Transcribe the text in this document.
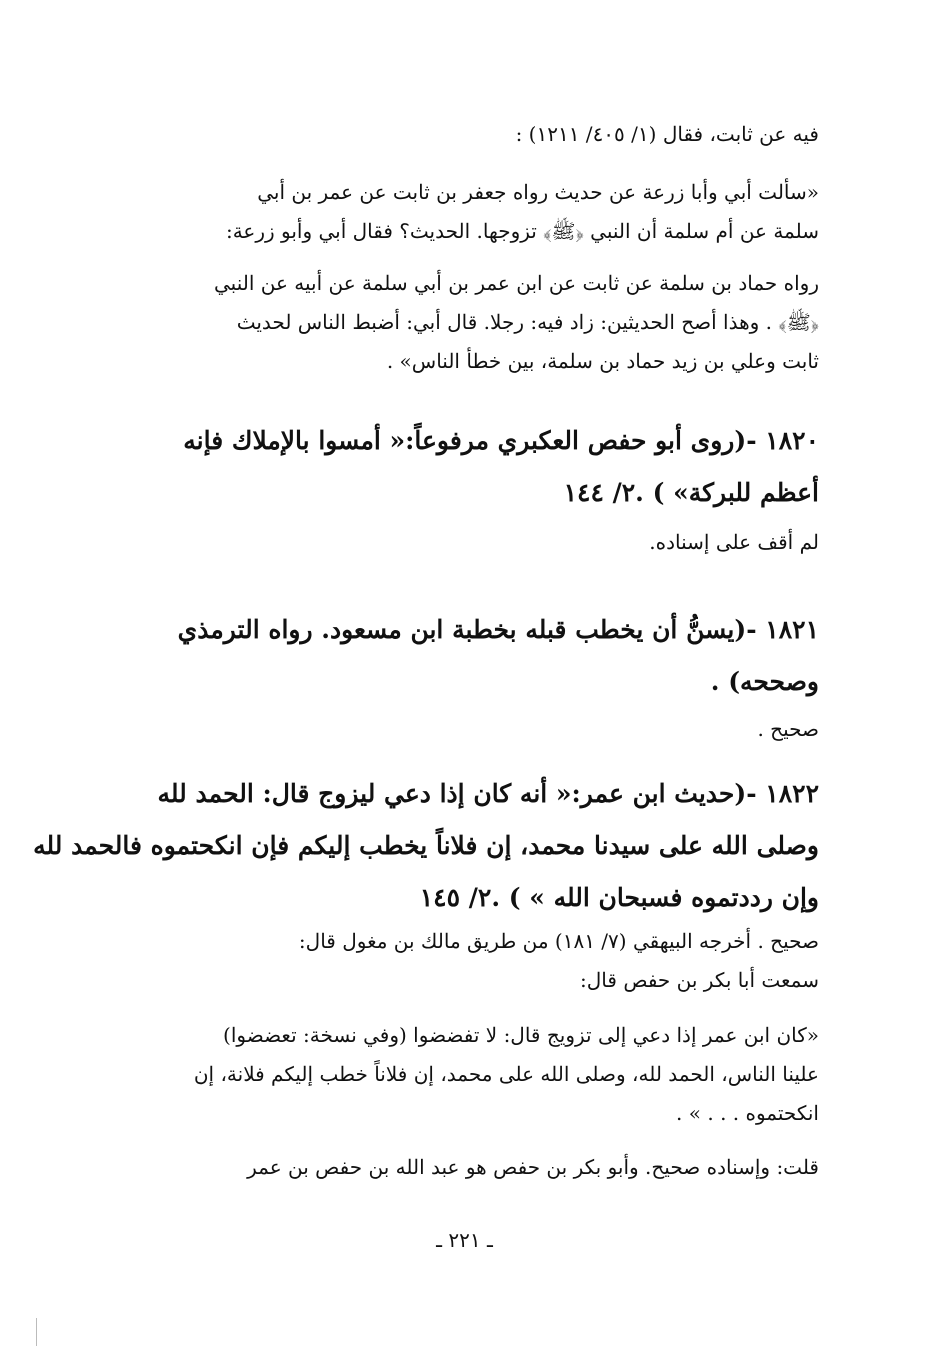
فيه عن ثابت، فقال (١/ ٤٠٥/ ١٢١١) :
«سألت أبي وأبا زرعة عن حديث رواه جعفر بن ثابت عن عمر بن أبي
سلمة عن أم سلمة أن النبي ﴿ﷺ﴾ تزوجها. الحديث؟ فقال أبي وأبو زرعة:
رواه حماد بن سلمة عن ثابت عن ابن عمر بن أبي سلمة عن أبيه عن النبي
﴿ﷺ﴾ . وهذا أصح الحديثين: زاد فيه: رجلا. قال أبي: أضبط الناس لحديث
ثابت وعلي بن زيد حماد بن سلمة، بين خطأ الناس» .
١٨٢٠ -(روى أبو حفص العكبري مرفوعاً:« أمسوا بالإملاك فإنه
أعظم للبركة» ) .٢/ ١٤٤
لم أقف على إسناده.
١٨٢١ -(يسنُّ أن يخطب قبله بخطبة ابن مسعود. رواه الترمذي
وصححه) .
صحيح .
١٨٢٢ -(حديث ابن عمر:« أنه كان إذا دعي ليزوج قال: الحمد لله
وصلى الله على سيدنا محمد، إن فلاناً يخطب إليكم فإن انكحتموه فالحمد لله
وإن رددتموه فسبحان الله » ) .٢/ ١٤٥
صحيح . أخرجه البيهقي (٧/ ١٨١) من طريق مالك بن مغول قال:
سمعت أبا بكر بن حفص قال:
«كان ابن عمر إذا دعي إلى تزويج قال: لا تفضضوا (وفي نسخة: تعضضوا)
علينا الناس، الحمد لله، وصلى الله على محمد، إن فلاناً خطب إليكم فلانة، إن
انكحتموه . . . » .
قلت: وإسناده صحيح. وأبو بكر بن حفص هو عبد الله بن حفص بن عمر
ـ ٢٢١ ـ
